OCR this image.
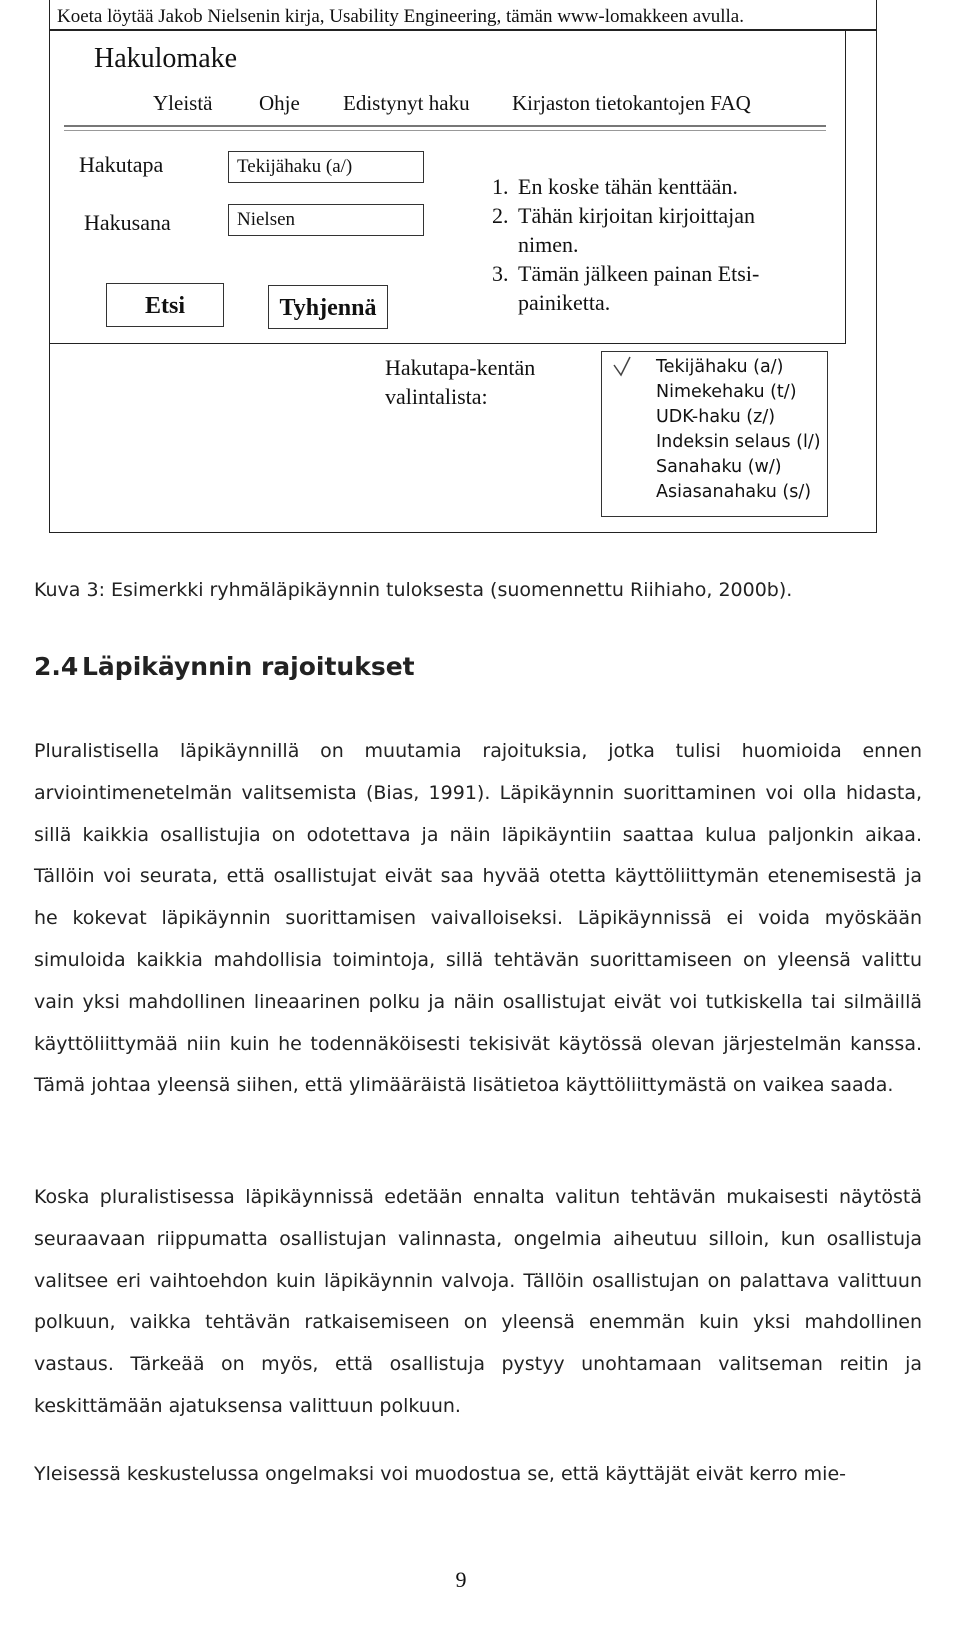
Koeta löytää Jakob Nielsenin kirja, Usability Engineering, tämän www-lomakkeen avulla.
Hakulomake
Yleistä Ohje Edistynyt haku Kirjaston tietokantojen FAQ
Hakutapa	Tekijähaku (a/)
Hakusana	Nielsen
Etsi	Tyhjennä
1. En koske tähän kenttään.
2. Tähän kirjoitan kirjoittajan
nimen.
3. Tämän jälkeen painan Etsi-
painiketta.
Hakutapa-kentän valintalista:
Tekijähaku (a/)
Nimekehaku (t/)
UDK-haku (z/)
Indeksin selaus (l/)
Sanahaku (w/)
Asiasanahaku (s/)
Kuva 3: Esimerkki ryhmäläpikäynnin tuloksesta (suomennettu Riihiaho, 2000b).
2.4 Läpikäynnin rajoitukset

Pluralistisella läpikäynnillä on muutamia rajoituksia, jotka tulisi huomioida ennen arviointimenetelmän valitsemista (Bias, 1991). Läpikäynnin suorittaminen voi olla hidasta, sillä kaikkia osallistujia on odotettava ja näin läpikäyntiin saattaa kulua paljonkin aikaa. Tällöin voi seurata, että osallistujat eivät saa hyvää otetta käyttöliittymän etenemisestä ja he kokevat läpikäynnin suorittamisen vaivalloiseksi. Läpikäynnissä ei voida myöskään simuloida kaikkia mahdollisia toimintoja, sillä tehtävän suorittamiseen on yleensä valittu vain yksi mahdollinen lineaarinen polku ja näin osallistujat eivät voi tutkiskella tai silmäillä käyttöliittymää niin kuin he todennäköisesti tekisivät käytössä olevan järjestelmän kanssa. Tämä johtaa yleensä siihen, että ylimääräistä lisätietoa käyttöliittymästä on vaikea saada.

Koska pluralistisessa läpikäynnissä edetään ennalta valitun tehtävän mukaisesti näytöstä seuraavaan riippumatta osallistujan valinnasta, ongelmia aiheutuu silloin, kun osallistuja valitsee eri vaihtoehdon kuin läpikäynnin valvoja. Tällöin osallistujan on palattava valittuun polkuun, vaikka tehtävän ratkaisemiseen on yleensä enemmän kuin yksi mahdollinen vastaus. Tärkeää on myös, että osallistuja pystyy unohtamaan valitseman reitin ja keskittämään ajatuksensa valittuun polkuun.

Yleisessä keskustelussa ongelmaksi voi muodostua se, että käyttäjät eivät kerro mie-

9
